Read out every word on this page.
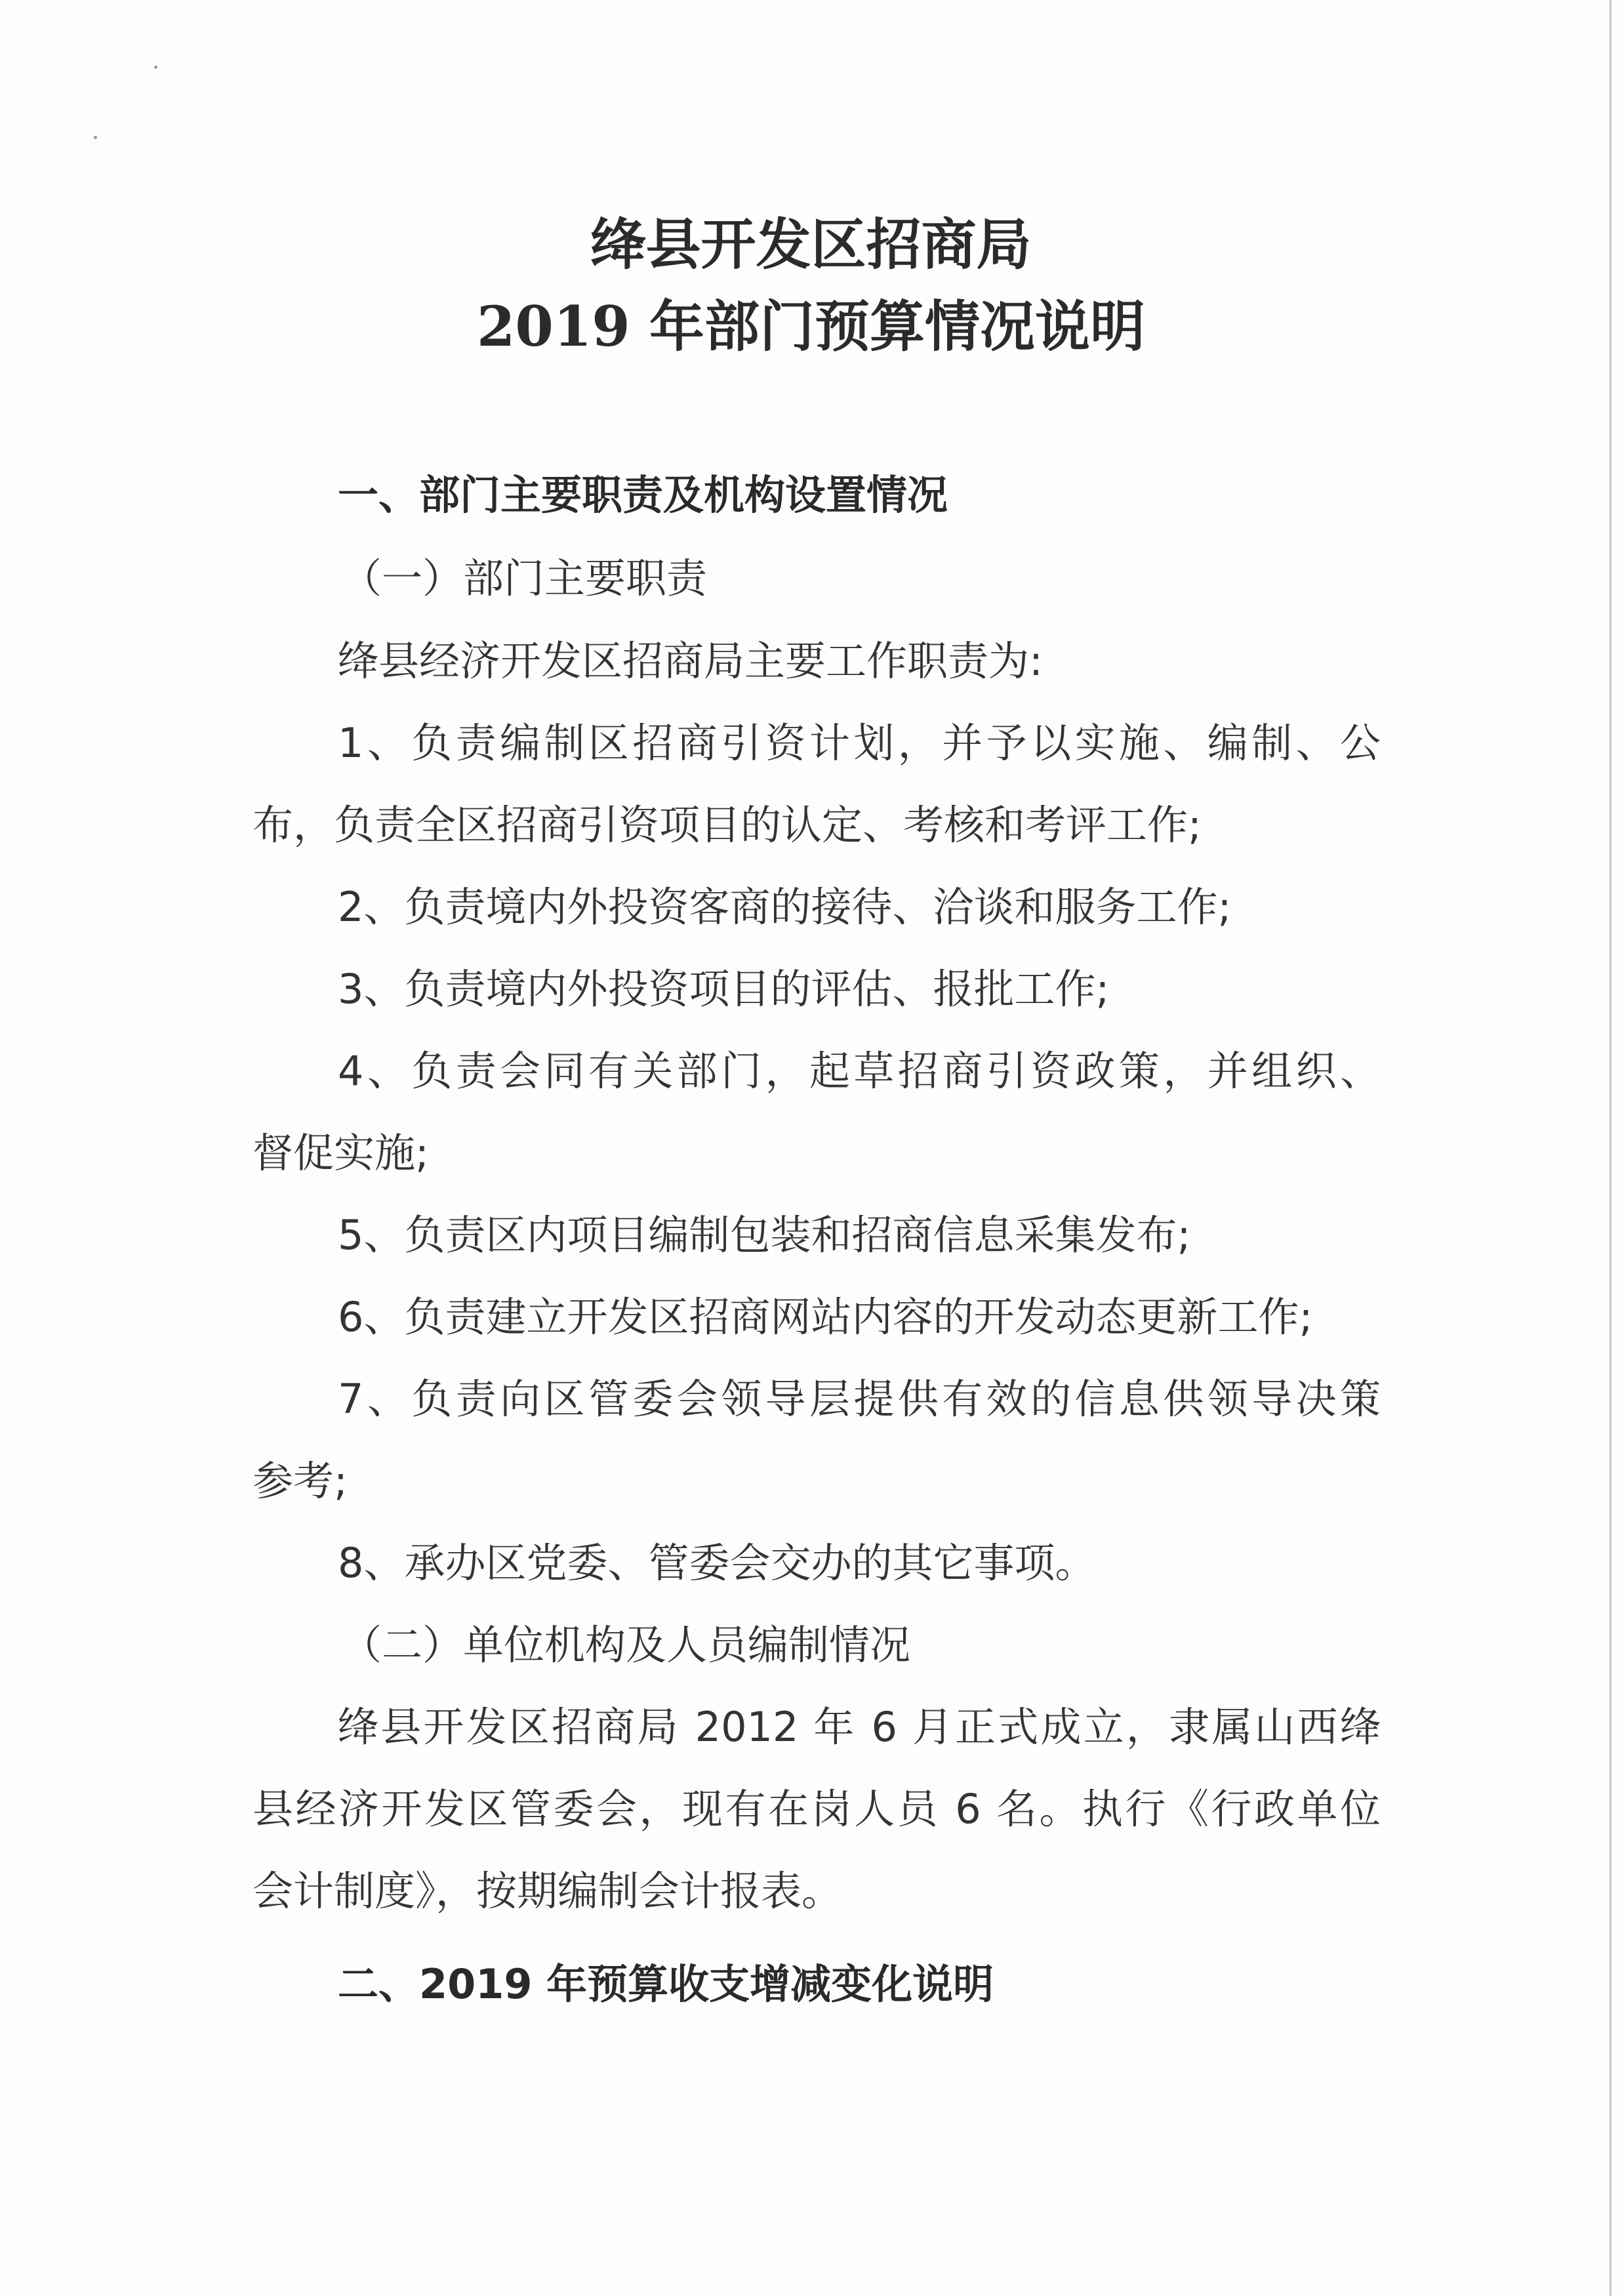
绛县开发区招商局
2019 年部门预算情况说明

一、部门主要职责及机构设置情况

（一）部门主要职责

绛县经济开发区招商局主要工作职责为:

1、负责编制区招商引资计划，并予以实施、编制、公

布，负责全区招商引资项目的认定、考核和考评工作;

2、负责境内外投资客商的接待、洽谈和服务工作;

3、负责境内外投资项目的评估、报批工作;

4、负责会同有关部门，起草招商引资政策，并组织、

督促实施;

5、负责区内项目编制包装和招商信息采集发布;

6、负责建立开发区招商网站内容的开发动态更新工作;

7、负责向区管委会领导层提供有效的信息供领导决策

参考;

8、承办区党委、管委会交办的其它事项。

（二）单位机构及人员编制情况

绛县开发区招商局 2012 年 6 月正式成立，隶属山西绛

县经济开发区管委会，现有在岗人员 6 名。执行《行政单位

会计制度》，按期编制会计报表。

二、2019 年预算收支增减变化说明
